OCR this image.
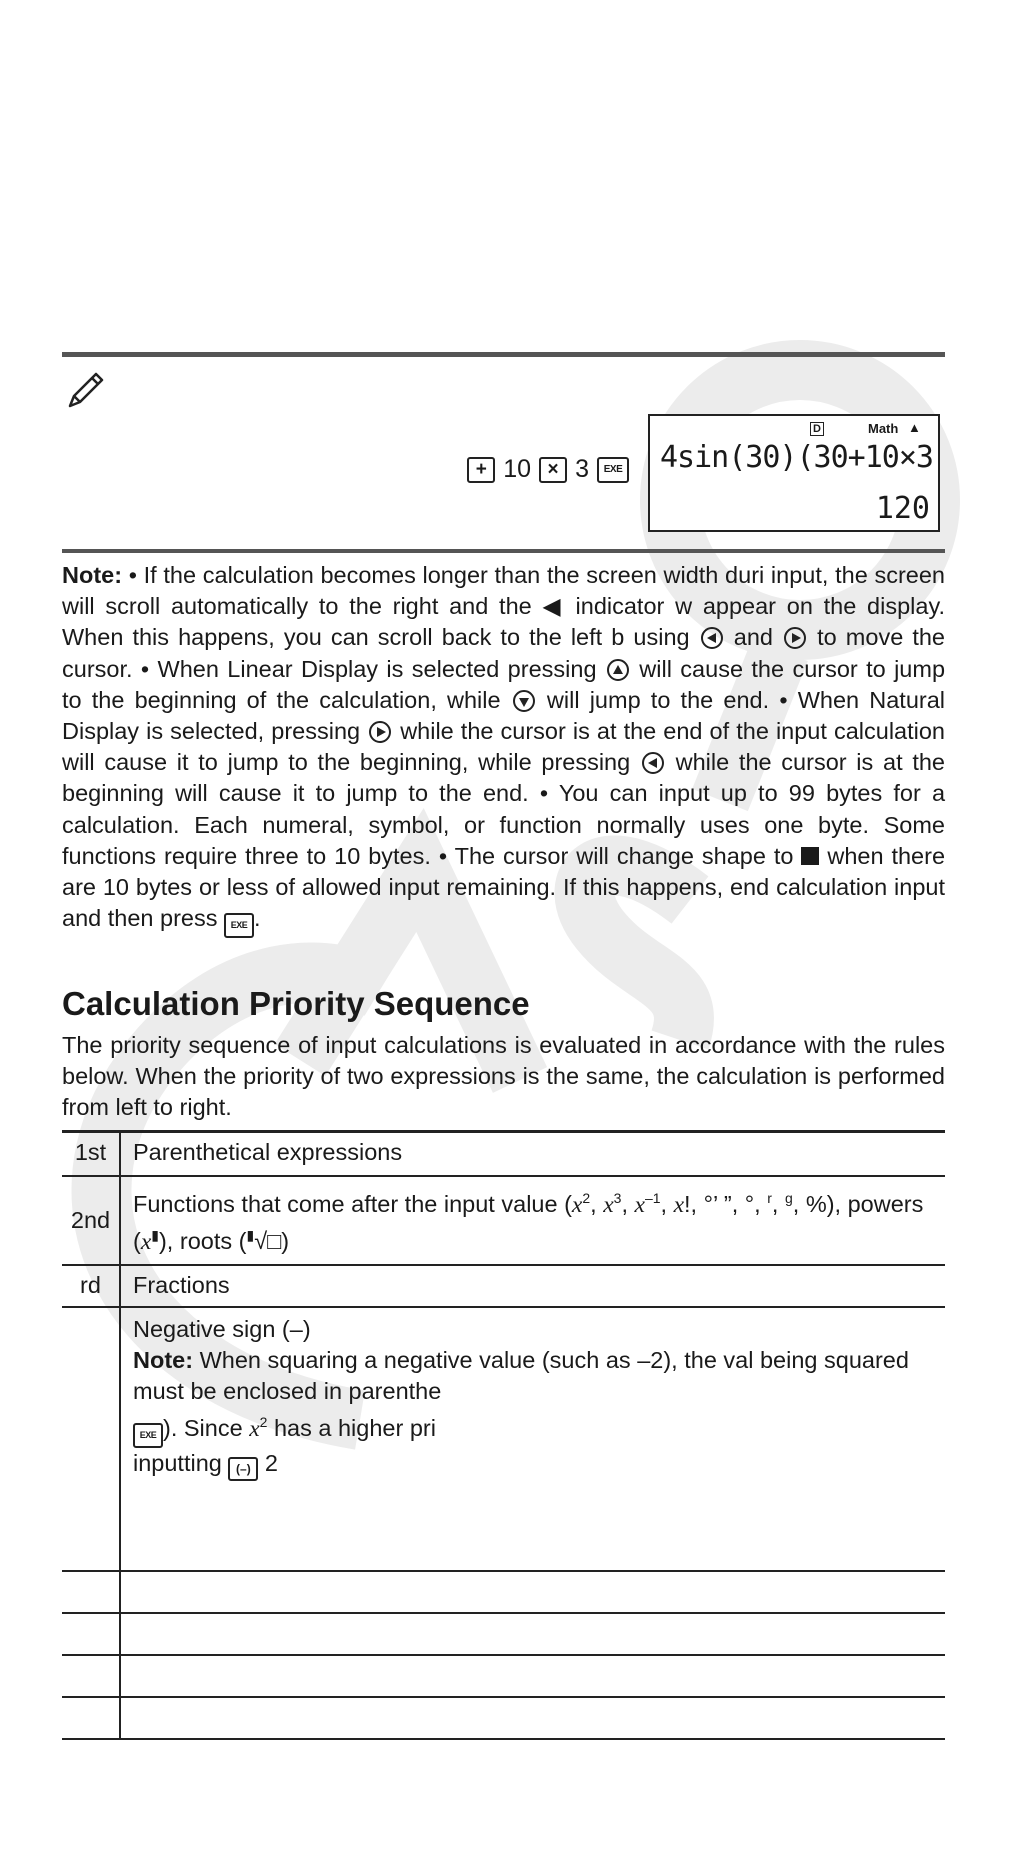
+ 10 × 3	EXE
D	Math ▲
4sin(30)(30+10×3
120
Note: • If the calculation becomes longer than the screen width duri input, the screen will scroll automatically to the right and the ◀ indicator w appear on the display. When this happens, you can scroll back to the left b using and to move the cursor. • When Linear Display is selected pressing will cause the cursor to jump to the beginning of the calculation, while will jump to the end. • When Natural Display is selected, pressing while the cursor is at the end of the input calculation will cause it to jump to the beginning, while pressing while the cursor is at the beginning will cause it to jump to the end. • You can input up to 99 bytes for a calculation. Each numeral, symbol, or function normally uses one byte. Some functions require three to 10 bytes. • The cursor will change shape to when there are 10 bytes or less of allowed input remaining. If this happens, end calculation input and then press EXE .
Calculation Priority Sequence
The priority sequence of input calculations is evaluated in accordance with the rules below. When the priority of two expressions is the same, the calculation is performed from left to right.
1st	Parenthetical expressions
2nd	Functions that come after the input value ($x^2$, $x^3$, $x^{-1}$, x!, °’ ”, °, $^r$, $^g$, %), powers (x▮), roots (▮√□)
rd	Fractions

	Negative sign (–)
Note: When squaring a negative value (such as –2), the val being squared must be enclosed in parenthe
EXE ). Since $x^2$ has a higher pri
inputting (–) 2
